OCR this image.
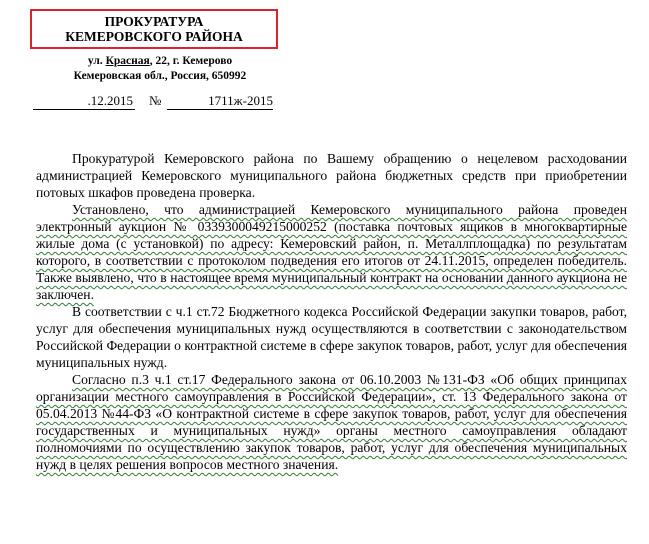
ПРОКУРАТУРА
КЕМЕРОВСКОГО РАЙОНА
ул. Красная, 22, г. Кемерово
Кемеровская обл., Россия, 650992
.12.2015 №	1711ж-2015

Прокуратурой Кемеровского района по Вашему обращению о нецелевом расходовании администрацией Кемеровского муниципального района бюджетных средств при приобретении потовых шкафов проведена проверка.

Установлено, что администрацией Кемеровского муниципального района проведен электронный аукцион № 0339300049215000252 (поставка почтовых ящиков в многоквартирные жилые дома (с установкой) по адресу: Кемеровский район, п. Металлплощадка) по результатам которого, в соответствии с протоколом подведения его итогов от 24.11.2015, определен победитель. Также выявлено, что в настоящее время муниципальный контракт на основании данного аукциона не заключен.

В соответствии с ч.1 ст.72 Бюджетного кодекса Российской Федерации закупки товаров, работ, услуг для обеспечения муниципальных нужд осуществляются в соответствии с законодательством Российской Федерации о контрактной системе в сфере закупок товаров, работ, услуг для обеспечения муниципальных нужд.

Согласно п.3 ч.1 ст.17 Федерального закона от 06.10.2003 №131-ФЗ «Об общих принципах организации местного самоуправления в Российской Федерации», ст. 13 Федерального закона от 05.04.2013 №44-ФЗ «О контрактной системе в сфере закупок товаров, работ, услуг для обеспечения государственных и муниципальных нужд» органы местного самоуправления обладают полномочиями по осуществлению закупок товаров, работ, услуг для обеспечения муниципальных нужд в целях решения вопросов местного значения.
